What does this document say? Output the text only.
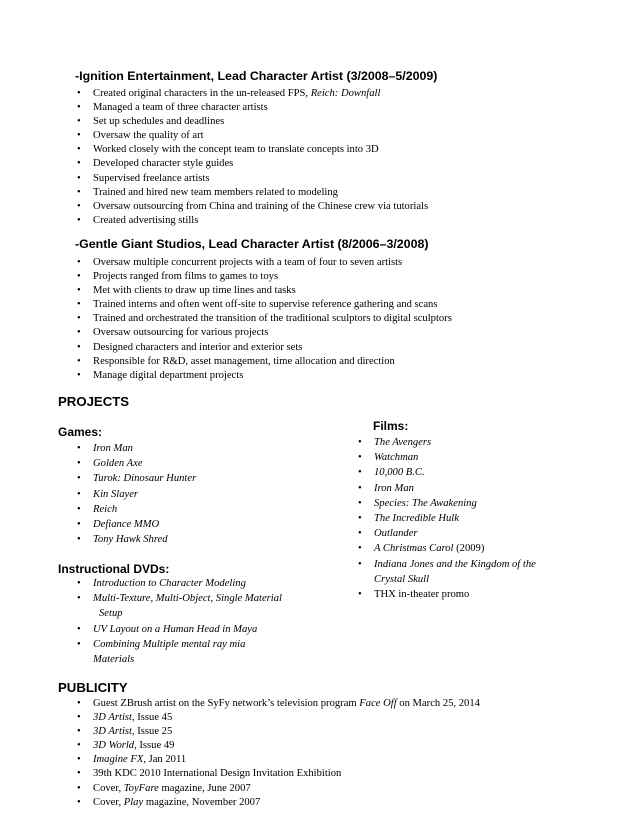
-Ignition Entertainment, Lead Character Artist (3/2008–5/2009)
• Created original characters in the un-released FPS, Reich: Downfall
• Managed a team of three character artists
• Set up schedules and deadlines
• Oversaw the quality of art
• Worked closely with the concept team to translate concepts into 3D
• Developed character style guides
• Supervised freelance artists
• Trained and hired new team members related to modeling
• Oversaw outsourcing from China and training of the Chinese crew via tutorials
• Created advertising stills
-Gentle Giant Studios, Lead Character Artist (8/2006–3/2008)
• Oversaw multiple concurrent projects with a team of four to seven artists
• Projects ranged from films to games to toys
• Met with clients to draw up time lines and tasks
• Trained interns and often went off-site to supervise reference gathering and scans
• Trained and orchestrated the transition of the traditional sculptors to digital sculptors
• Oversaw outsourcing for various projects
• Designed characters and interior and exterior sets
• Responsible for R&D, asset management, time allocation and direction
• Manage digital department projects
PROJECTS
Games:
• Iron Man
• Golden Axe
• Turok: Dinosaur Hunter
• Kin Slayer
• Reich
• Defiance MMO
• Tony Hawk Shred
Instructional DVDs:
• Introduction to Character Modeling
• Multi-Texture, Multi-Object, Single Material
Setup
• UV Layout on a Human Head in Maya
• Combining Multiple mental ray mia
Materials
Films:
• The Avengers
• Watchman
• 10,000 B.C.
• Iron Man
• Species: The Awakening
• The Incredible Hulk
• Outlander
• A Christmas Carol (2009)
• Indiana Jones and the Kingdom of the
Crystal Skull
• THX in-theater promo
PUBLICITY
• Guest ZBrush artist on the SyFy network’s television program Face Off on March 25, 2014
• 3D Artist, Issue 45
• 3D Artist, Issue 25
• 3D World, Issue 49
• Imagine FX, Jan 2011
• 39th KDC 2010 International Design Invitation Exhibition
• Cover, ToyFare magazine, June 2007
• Cover, Play magazine, November 2007
